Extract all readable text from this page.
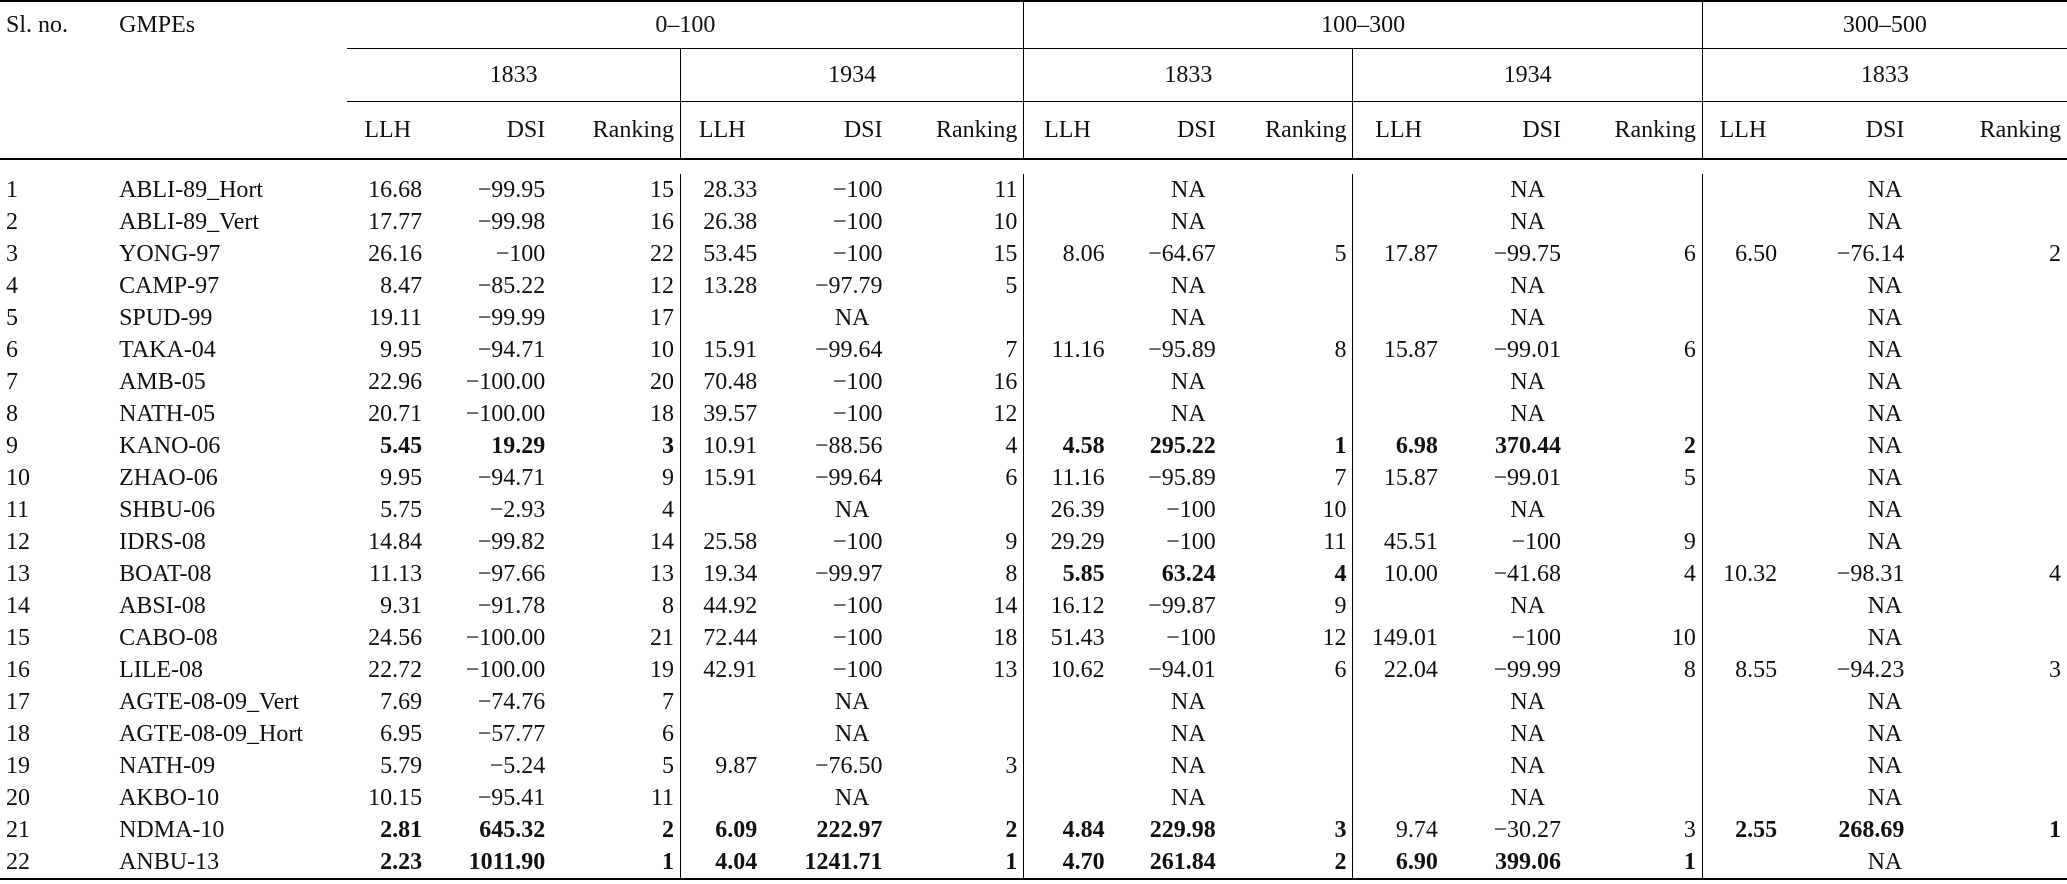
Sl. no.	GMPEs	0–100						100–300						300–500		
		1833			1934			1833			1934			1833		
		LLH	DSI	Ranking	LLH	DSI	Ranking	LLH	DSI	Ranking	LLH	DSI	Ranking	LLH	DSI	Ranking

1	ABLI-89_Hort	16.68	−99.95	15	28.33	−100	11	NA			NA			NA		
2	ABLI-89_Vert	17.77	−99.98	16	26.38	−100	10	NA			NA			NA		
3	YONG-97	26.16	−100	22	53.45	−100	15	8.06	−64.67	5	17.87	−99.75	6	6.50	−76.14	2
4	CAMP-97	8.47	−85.22	12	13.28	−97.79	5	NA			NA			NA		
5	SPUD-99	19.11	−99.99	17	NA			NA			NA			NA		
6	TAKA-04	9.95	−94.71	10	15.91	−99.64	7	11.16	−95.89	8	15.87	−99.01	6	NA		
7	AMB-05	22.96	−100.00	20	70.48	−100	16	NA			NA			NA		
8	NATH-05	20.71	−100.00	18	39.57	−100	12	NA			NA			NA		
9	KANO-06	5.45	19.29	3	10.91	−88.56	4	4.58	295.22	1	6.98	370.44	2	NA		
10	ZHAO-06	9.95	−94.71	9	15.91	−99.64	6	11.16	−95.89	7	15.87	−99.01	5	NA		
11	SHBU-06	5.75	−2.93	4	NA			26.39	−100	10	NA			NA		
12	IDRS-08	14.84	−99.82	14	25.58	−100	9	29.29	−100	11	45.51	−100	9	NA		
13	BOAT-08	11.13	−97.66	13	19.34	−99.97	8	5.85	63.24	4	10.00	−41.68	4	10.32	−98.31	4
14	ABSI-08	9.31	−91.78	8	44.92	−100	14	16.12	−99.87	9	NA			NA		
15	CABO-08	24.56	−100.00	21	72.44	−100	18	51.43	−100	12	149.01	−100	10	NA		
16	LILE-08	22.72	−100.00	19	42.91	−100	13	10.62	−94.01	6	22.04	−99.99	8	8.55	−94.23	3
17	AGTE-08-09_Vert	7.69	−74.76	7	NA			NA			NA			NA		
18	AGTE-08-09_Hort	6.95	−57.77	6	NA			NA			NA			NA		
19	NATH-09	5.79	−5.24	5	9.87	−76.50	3	NA			NA			NA		
20	AKBO-10	10.15	−95.41	11	NA			NA			NA			NA		
21	NDMA-10	2.81	645.32	2	6.09	222.97	2	4.84	229.98	3	9.74	−30.27	3	2.55	268.69	1
22	ANBU-13	2.23	1011.90	1	4.04	1241.71	1	4.70	261.84	2	6.90	399.06	1	NA		
